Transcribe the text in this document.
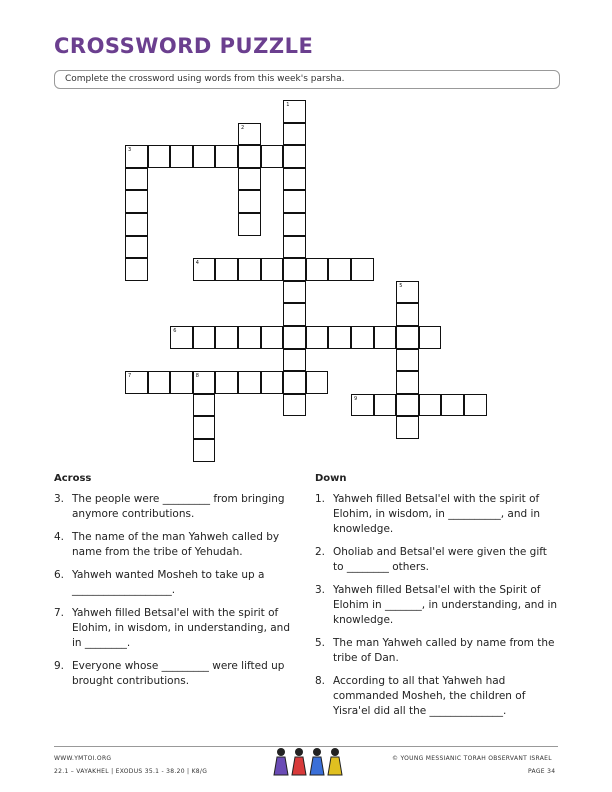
CROSSWORD PUZZLE
Complete the crossword using words from this week's parsha.
1
2
3
4
5
6
7	8
9
Across
3. The people were _________ from bringing anymore contributions.
4. The name of the man Yahweh called by name from the tribe of Yehudah.
6. Yahweh wanted Mosheh to take up a ___________________.
7. Yahweh filled Betsal'el with the spirit of Elohim, in wisdom, in understanding, and in ________.
9. Everyone whose _________ were lifted up brought contributions.
Down
1. Yahweh filled Betsal'el with the spirit of Elohim, in wisdom, in __________, and in knowledge.
2. Oholiab and Betsal'el were given the gift to ________ others.
3. Yahweh filled Betsal'el with the Spirit of Elohim in _______, in understanding, and in knowledge.
5. The man Yahweh called by name from the tribe of Dan.
8. According to all that Yahweh had commanded Mosheh, the children of Yisra'el did all the ______________.
WWW.YMTOI.ORG
22.1 – VAYAKHEL | EXODUS 35.1 - 38.20 | K8/G
© YOUNG MESSIANIC TORAH OBSERVANT ISRAEL
PAGE 34
